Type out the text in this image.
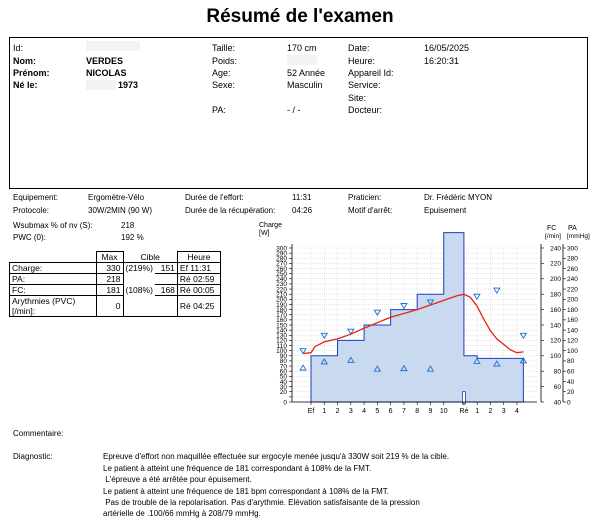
Résumé de l'examen
Id:
Nom:	VERDES
Prénom:	NICOLAS
Né le:	1973
Taille:	170 cm
Poids:
Age:	52 Année
Sexe:	Masculin
PA:	- / -
Date:	16/05/2025
Heure:	16:20:31
Appareil Id:
Service:
Site:
Docteur:
Equipement:	Ergomètre-Vélo
Protocole:	30W/2MIN (90 W)
Durée de l'effort:	11:31
Durée de la récupération: 04:26
Praticien:	Dr. Frédéric MYON
Motif d'arrêt:	Epuisement
Wsubmax % of nv (S):	218
PWC (0):	192 %
	Max	Cible		Heure
Charge:	330	(219%)	151	Ef 11:31
PA:	218			Ré 02:59
FC:	181	(108%)	168	Ré 00:05
Arythmies (PVC)[/min]:	0			Ré 04:25
0
20
30
40
50
60
70
80
90
100
110
120
130
140
150
160
170
180
190
200
210
220
230
240
250
260
270
280
290
300
Charge
[W]
40
60
80
100
120
140
160
180
200
220
240
0
20
40
60
80
100
120
140
160
180
200
220
240
260
280
300
FC
[/min]
PA
[mmHg]
Ef 1 2 3 4 5 6 7 8 9 10 Ré 1 2 3 4
Commentaire:
Diagnostic:	Epreuve d'effort non maquillée effectuée sur ergocyle menée jusqu'à 330W soit 219 % de la cible.
Le patient à atteint une fréquence de 181 correspondant à 108% de la FMT.
L'épreuve a été arrêtée pour épuisement.
Le patient à atteint une fréquence de 181 bpm correspondant à 108% de la FMT.
Pas de trouble de la repolarisation. Pas d'arythmie. Elévation satisfaisante de la pression
artérielle de .100/66 mmHg à 208/79 mmHg.
